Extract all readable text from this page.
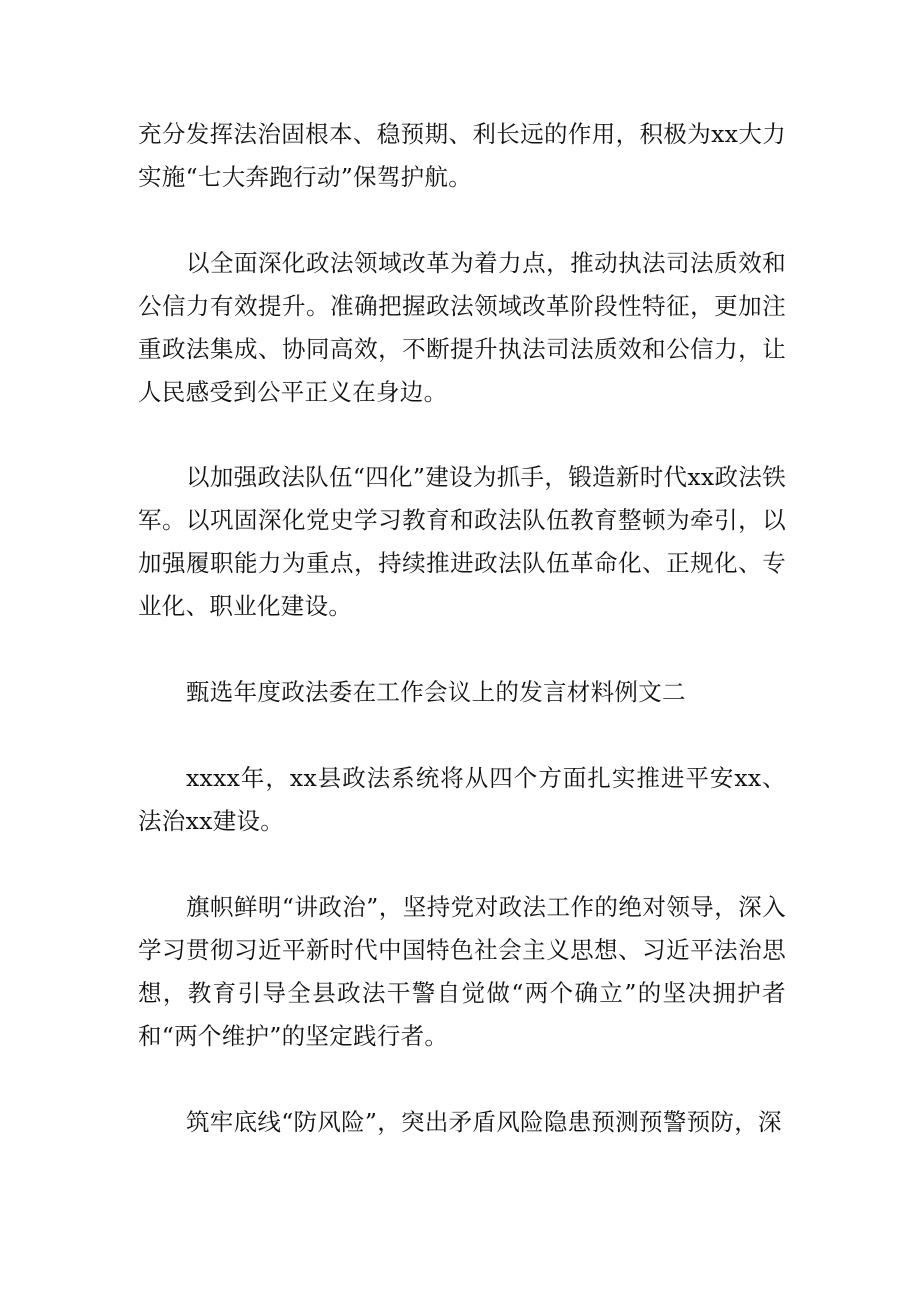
充分发挥法治固根本、稳预期、利长远的作用，积极为xx大力实施“七大奔跑行动”保驾护航。

以全面深化政法领域改革为着力点，推动执法司法质效和公信力有效提升。准确把握政法领域改革阶段性特征，更加注重政法集成、协同高效，不断提升执法司法质效和公信力，让人民感受到公平正义在身边。

以加强政法队伍“四化”建设为抓手，锻造新时代xx政法铁军。以巩固深化党史学习教育和政法队伍教育整顿为牵引，以加强履职能力为重点，持续推进政法队伍革命化、正规化、专业化、职业化建设。

甄选年度政法委在工作会议上的发言材料例文二

xxxx年，xx县政法系统将从四个方面扎实推进平安xx、法治xx建设。

旗帜鲜明“讲政治”，坚持党对政法工作的绝对领导，深入学习贯彻习近平新时代中国特色社会主义思想、习近平法治思想，教育引导全县政法干警自觉做“两个确立”的坚决拥护者和“两个维护”的坚定践行者。

筑牢底线“防风险”，突出矛盾风险隐患预测预警预防，深
